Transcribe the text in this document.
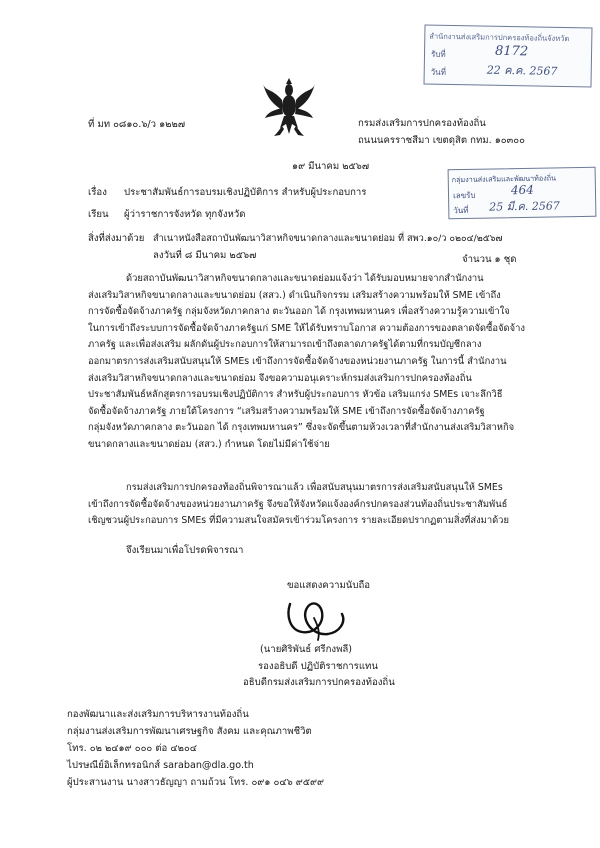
สำนักงานส่งเสริมการปกครองท้องถิ่นจังหวัด
รับที่	8172
วันที่	22 ค.ค. 2567
ที่ มท ๐๘๑๐.๖/ว ๑๒๒๗	กรมส่งเสริมการปกครองท้องถิ่น
ถนนนครราชสีมา เขตดุสิต กทม. ๑๐๓๐๐
๑๙ มีนาคม ๒๕๖๗
กลุ่มงานส่งเสริมและพัฒนาท้องถิ่น
เลขรับ	464
วันที่ 25 มี.ค. 2567
เรื่อง ประชาสัมพันธ์การอบรมเชิงปฏิบัติการ สำหรับผู้ประกอบการ
เรียน ผู้ว่าราชการจังหวัด ทุกจังหวัด
สิ่งที่ส่งมาด้วย สำเนาหนังสือสถาบันพัฒนาวิสาหกิจขนาดกลางและขนาดย่อม ที่ สพว.๑๐/ว ๐๒๐๔/๒๕๖๗
ลงวันที่ ๘ มีนาคม ๒๕๖๗	จำนวน ๑ ชุด
ด้วยสถาบันพัฒนาวิสาหกิจขนาดกลางและขนาดย่อมแจ้งว่า ได้รับมอบหมายจากสำนักงาน
ส่งเสริมวิสาหกิจขนาดกลางและขนาดย่อม (สสว.) ดำเนินกิจกรรม เสริมสร้างความพร้อมให้ SME เข้าถึง
การจัดซื้อจัดจ้างภาครัฐ กลุ่มจังหวัดภาคกลาง ตะวันออก ได้ กรุงเทพมหานคร เพื่อสร้างความรู้ความเข้าใจ
ในการเข้าถึงระบบการจัดซื้อจัดจ้างภาครัฐแก่ SME ให้ได้รับทราบโอกาส ความต้องการของตลาดจัดซื้อจัดจ้าง
ภาครัฐ และเพื่อส่งเสริม ผลักดันผู้ประกอบการให้สามารถเข้าถึงตลาดภาครัฐได้ตามที่กรมบัญชีกลาง
ออกมาตรการส่งเสริมสนับสนุนให้ SMEs เข้าถึงการจัดซื้อจัดจ้างของหน่วยงานภาครัฐ ในการนี้ สำนักงาน
ส่งเสริมวิสาหกิจขนาดกลางและขนาดย่อม จึงขอความอนุเคราะห์กรมส่งเสริมการปกครองท้องถิ่น
ประชาสัมพันธ์หลักสูตรการอบรมเชิงปฏิบัติการ สำหรับผู้ประกอบการ หัวข้อ เสริมแกร่ง SMEs เจาะลึกวิธี
จัดซื้อจัดจ้างภาครัฐ ภายใต้โครงการ “เสริมสร้างความพร้อมให้ SME เข้าถึงการจัดซื้อจัดจ้างภาครัฐ
กลุ่มจังหวัดภาคกลาง ตะวันออก ได้ กรุงเทพมหานคร” ซึ่งจะจัดขึ้นตามห้วงเวลาที่สำนักงานส่งเสริมวิสาหกิจ
ขนาดกลางและขนาดย่อม (สสว.) กำหนด โดยไม่มีค่าใช้จ่าย
กรมส่งเสริมการปกครองท้องถิ่นพิจารณาแล้ว เพื่อสนับสนุนมาตรการส่งเสริมสนับสนุนให้ SMEs
เข้าถึงการจัดซื้อจัดจ้างของหน่วยงานภาครัฐ จึงขอให้จังหวัดแจ้งองค์กรปกครองส่วนท้องถิ่นประชาสัมพันธ์
เชิญชวนผู้ประกอบการ SMEs ที่มีความสนใจสมัครเข้าร่วมโครงการ รายละเอียดปรากฏตามสิ่งที่ส่งมาด้วย
จึงเรียนมาเพื่อโปรดพิจารณา
ขอแสดงความนับถือ
(นายศิริพันธ์ ศรีกงพลี)
รองอธิบดี ปฏิบัติราชการแทน
อธิบดีกรมส่งเสริมการปกครองท้องถิ่น
กองพัฒนาและส่งเสริมการบริหารงานท้องถิ่น
กลุ่มงานส่งเสริมการพัฒนาเศรษฐกิจ สังคม และคุณภาพชีวิต
โทร. ๐๒ ๒๔๑๙ ๐๐๐ ต่อ ๔๒๐๔
ไปรษณีย์อิเล็กทรอนิกส์ saraban@dla.go.th
ผู้ประสานงาน นางสาวธัญญา ถามถ้วน โทร. ๐๙๑ ๐๔๖ ๙๕๙๙
